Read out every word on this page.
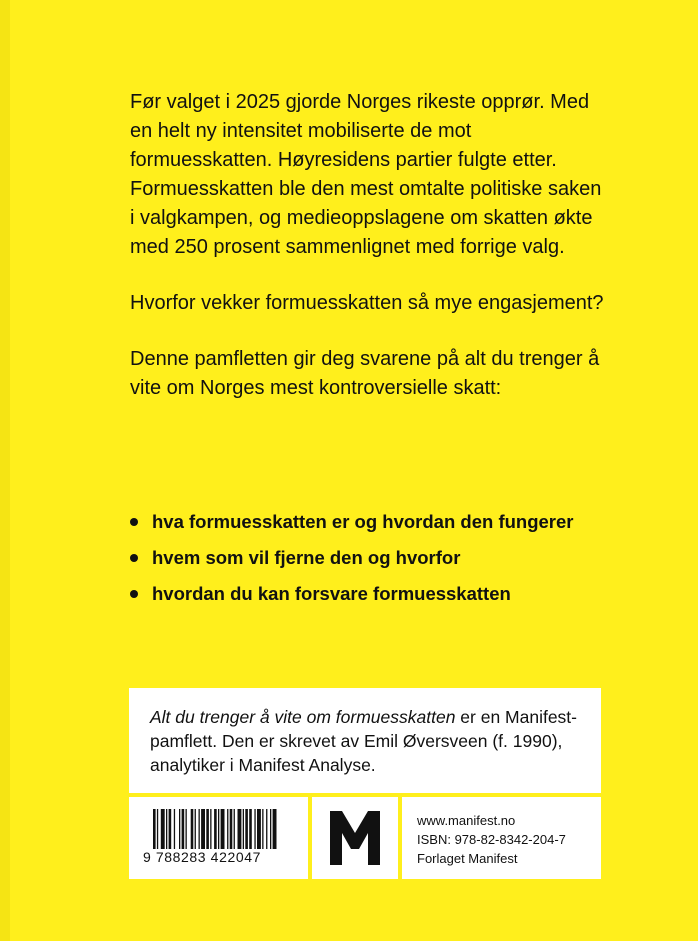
Før valget i 2025 gjorde Norges rikeste opprør. Med en helt ny intensitet mobiliserte de mot formuesskatten. Høyresidens partier fulgte etter. Formuesskatten ble den mest omtalte politiske saken i valgkampen, og medieoppslagene om skatten økte med 250 prosent sammenlignet med forrige valg.

Hvorfor vekker formuesskatten så mye engasjement?

Denne pamfletten gir deg svarene på alt du trenger å vite om Norges mest kontroversielle skatt:

hva formuesskatten er og hvordan den fungerer
hvem som vil fjerne den og hvorfor
hvordan du kan forsvare formuesskatten
Alt du trenger å vite om formuesskatten er en Manifest-pamflett. Den er skrevet av Emil Øversveen (f. 1990), analytiker i Manifest Analyse.
9 788283 422047
www.manifest.no
ISBN: 978-82-8342-204-7
Forlaget Manifest
